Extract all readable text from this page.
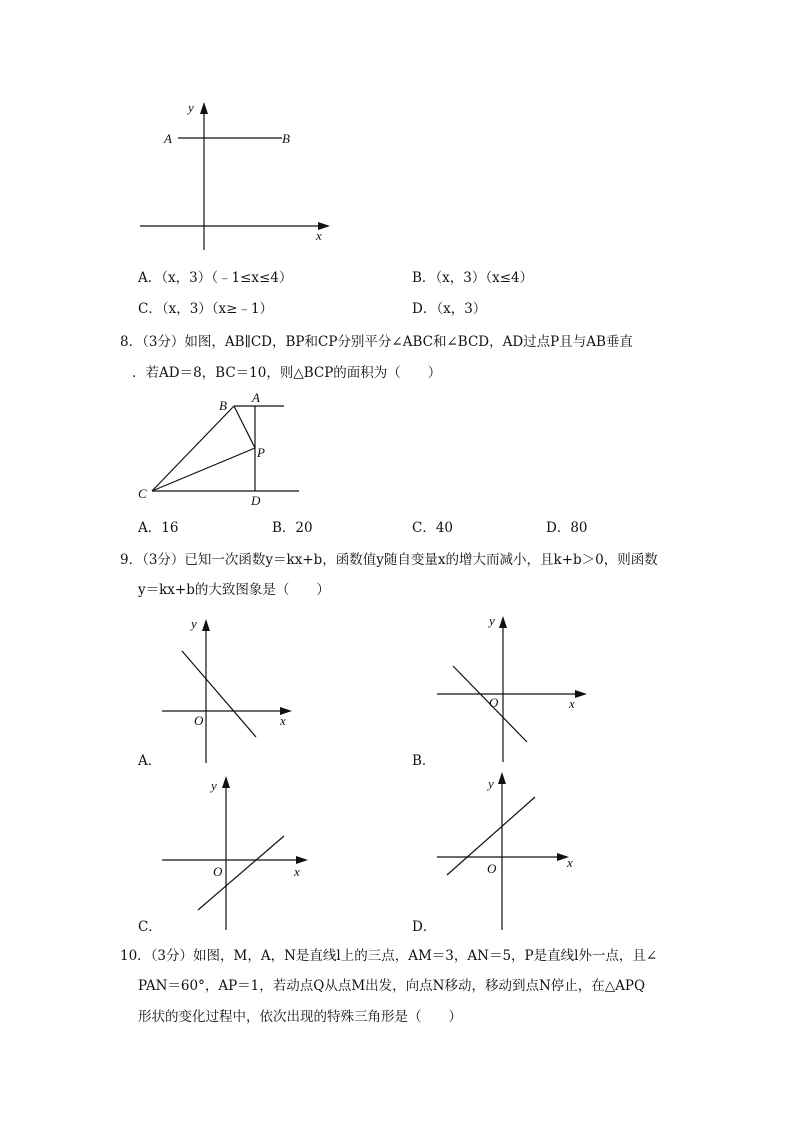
y
x
A	B
A．（x，3）（﹣1≤x≤4）	B．（x，3）（x≤4）
C．（x，3）（x≥﹣1）	D．（x，3）
8．（3分）如图，AB∥CD，BP和CP分别平分∠ABC和∠BCD，AD过点P且与AB垂直
．若AD＝8，BC＝10，则△BCP的面积为（　　）
B
A
P
C	D
A．16	B．20	C．40	D．80
9．（3分）已知一次函数y＝kx+b，函数值y随自变量x的增大而减小，且k+b＞0，则函数
y＝kx+b的大致图象是（　　）
y
x
O
A．
y
x
O
B．
y
x
O
C．
y
x
O
D．
10．（3分）如图，M，A，N是直线l上的三点，AM＝3，AN＝5，P是直线l外一点，且∠
PAN＝60°，AP＝1，若动点Q从点M出发，向点N移动，移动到点N停止，在△APQ
形状的变化过程中，依次出现的特殊三角形是（　　）
